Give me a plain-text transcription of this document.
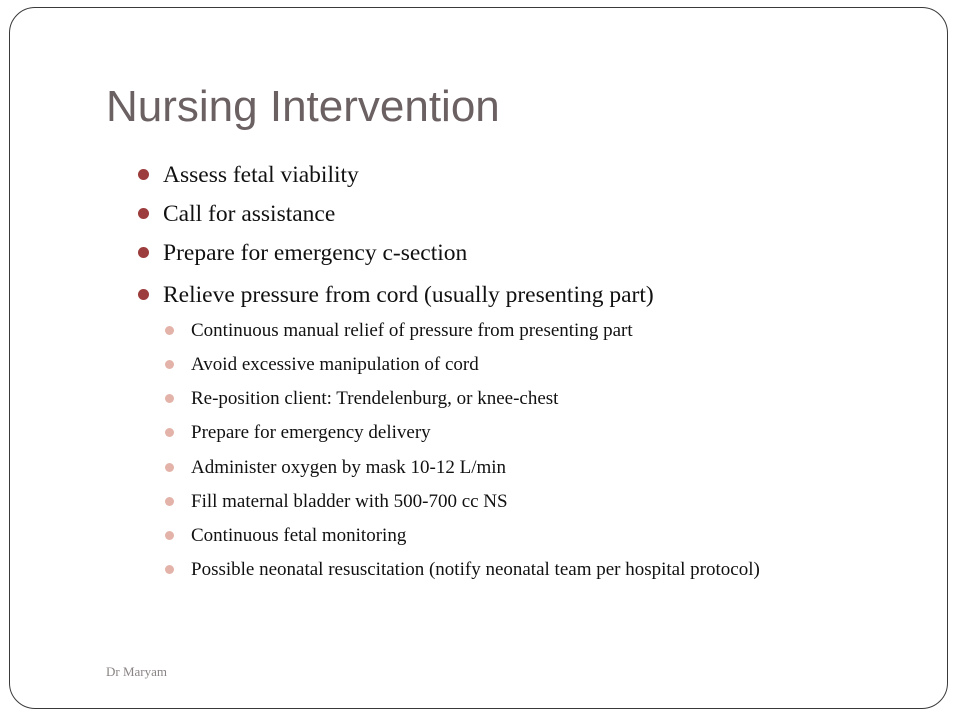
Nursing Intervention
Assess fetal viability
Call for assistance
Prepare for emergency c-section
Relieve pressure from cord (usually presenting part)
Continuous manual relief of pressure from presenting part
Avoid excessive manipulation of cord
Re-position client: Trendelenburg, or knee-chest
Prepare for emergency delivery
Administer oxygen by mask 10-12 L/min
Fill maternal bladder with 500-700 cc NS
Continuous fetal monitoring
Possible neonatal resuscitation (notify neonatal team per hospital protocol)
Dr Maryam
